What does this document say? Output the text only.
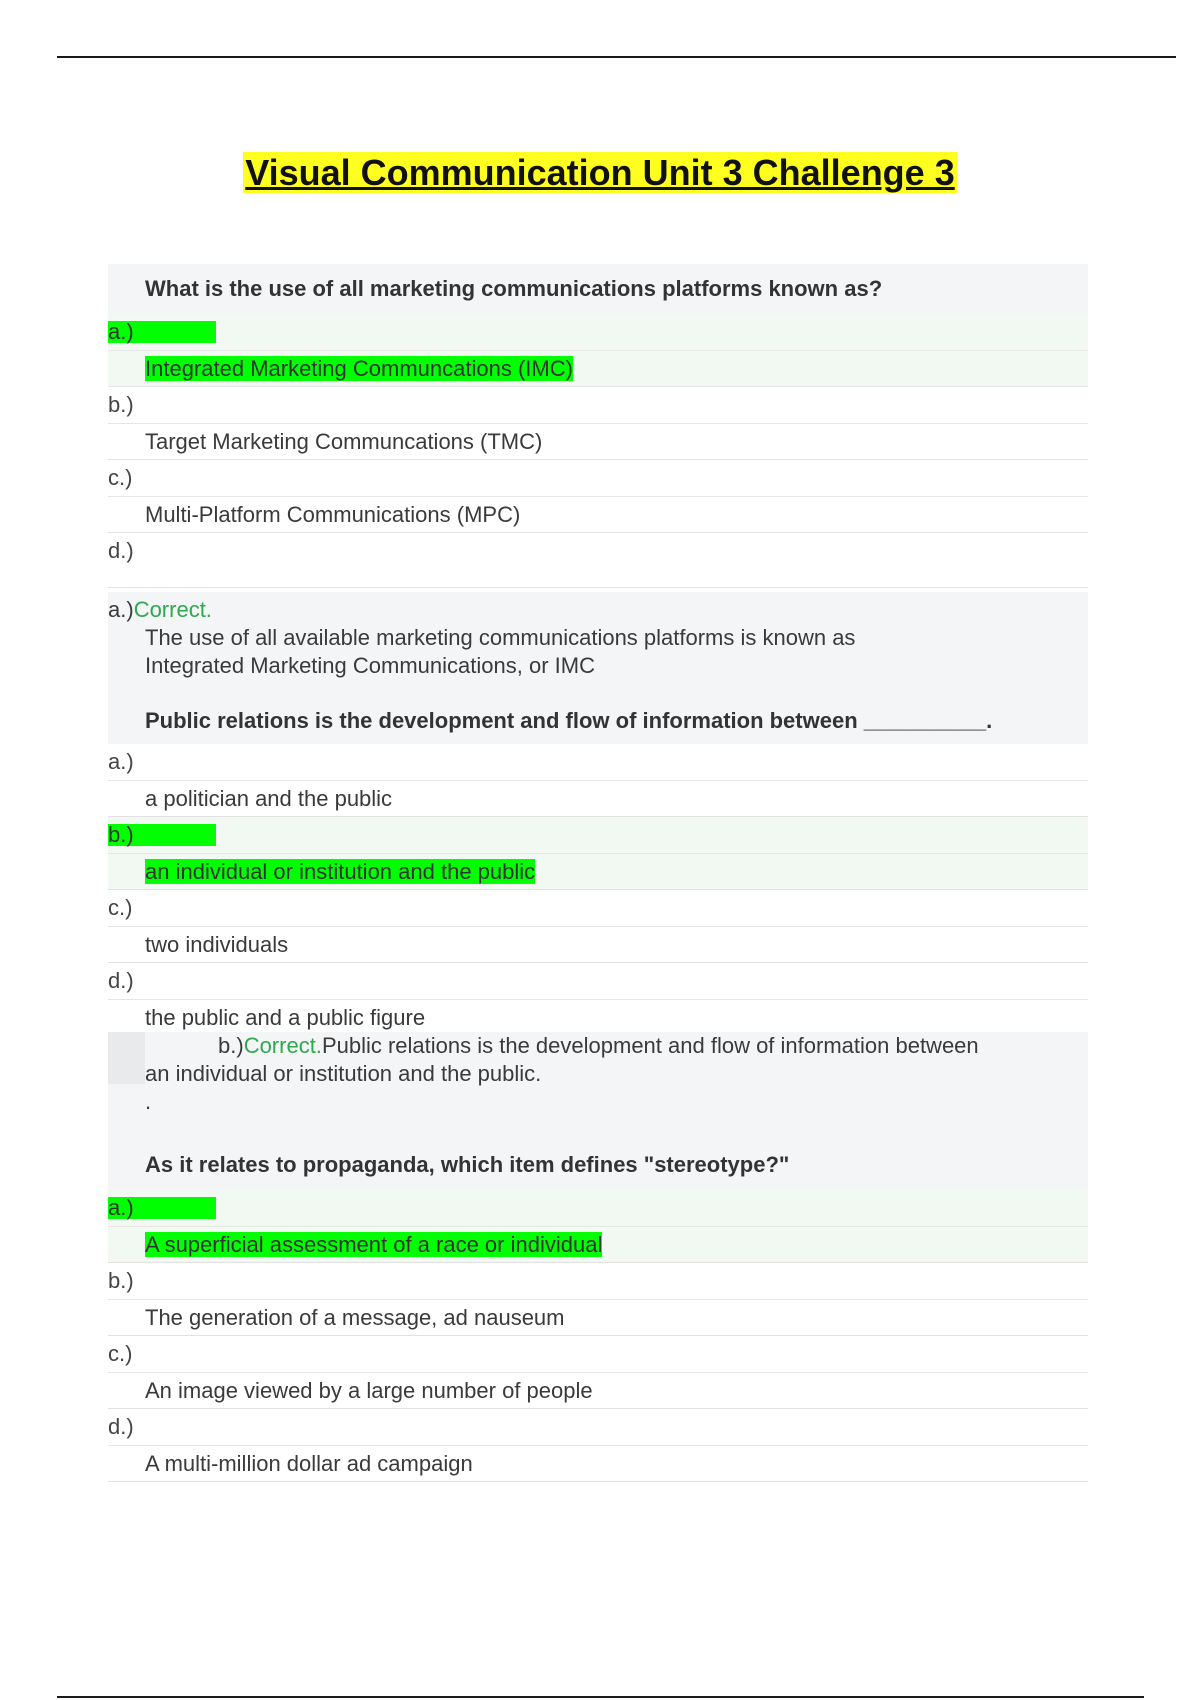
Visual Communication Unit 3 Challenge 3
What is the use of all marketing communications platforms known as?
a.)
Integrated Marketing Communcations (IMC)
b.)
Target Marketing Communcations (TMC)
c.)
Multi-Platform Communications (MPC)
d.)
a.)Correct.
The use of all available marketing communications platforms is known as
Integrated Marketing Communications, or IMC
Public relations is the development and flow of information between __________.
a.)
a politician and the public
b.)
an individual or institution and the public
c.)
two individuals
d.)
the public and a public figure
b.)Correct.Public relations is the development and flow of information between
an individual or institution and the public.
.
As it relates to propaganda, which item defines "stereotype?"
a.)
A superficial assessment of a race or individual
b.)
The generation of a message, ad nauseum
c.)
An image viewed by a large number of people
d.)
A multi-million dollar ad campaign
